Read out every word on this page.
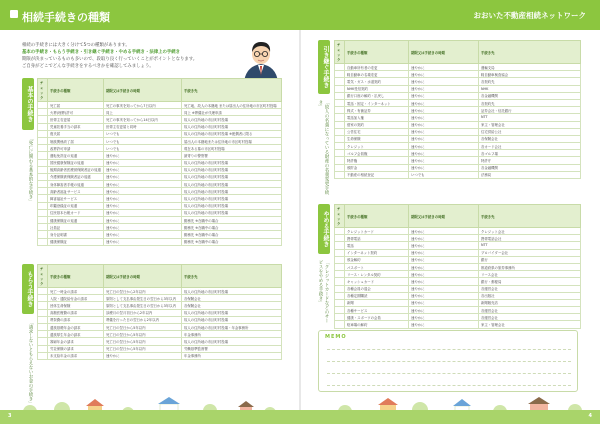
相続手続きの種類	おおいた不動産相続ネットワーク
相続の手続きには大きく分けて5つの種類があります。
基本の手続き・もらう手続き・引き継ぐ手続き・やめる手続き・法律上の手続き
期限が決まっているものも多いので、段取り良く行っていくことがポイントとなります。
ご自身がどこでどんな手続きをするべきかを確認してみましょう。
基本の手続き
「死亡に関わる基本的な手続き」
チェック	手続きの種類	期限又は手続きの時期	手続き先
	死亡届	死亡の事実を知ってから7日以内	死亡地、故人の本籍地 または届出人の住所地の市区町村役場
	火葬(埋葬)許可	同上	同上 ※葬儀社が代理申請
	世帯主変更届	死亡の事実を知ってから14日以内	故人の住所地の市区町村役場
	児童扶養手当の請求	世帯主変更届と同時	故人の住所地の市区町村役場
	復氏届	いつでも	故人の住所地の市区町村役場 ※配偶者に限る
	姻族関係終了届	いつでも	届出人の本籍地または住所地の市区町村役場
	改葬許可申請	いつでも	現在ある墓の市区町村役場
	運転免許証の返還	速やかに	最寄りの警察署
	国民健康保険証の返還	速やかに	故人の住所地の市区町村役場
	後期高齢者医療被保険者証の返還	速やかに	故人の住所地の市区町村役場
	介護保険被保険者証の返還	速やかに	故人の住所地の市区町村役場
	身体障害者手帳の返還	速やかに	故人の住所地の市区町村役場
	高齢者福祉サービス	速やかに	故人の住所地の市区町村役場
	障害福祉サービス	速やかに	故人の住所地の市区町村役場
	印鑑登録証の返還	速やかに	故人の住所地の市区町村役場
	住民基本台帳カード	速やかに	故人の住所地の市区町村役場
	健康保険証の返還	速やかに	勤務先 ※在職中の場合
	社員証	速やかに	勤務先 ※在職中の場合
	身分証明書	速やかに	勤務先 ※在職中の場合
	健康保険証	速やかに	勤務先 ※在職中の場合
もらう手続き
「請求しないともらえないお金の手続き」
チェック	手続きの種類	期限又は手続きの時期	手続き先
	死亡一時金の請求	死亡日の翌日から2年以内	故人の住所地の市区町村役場
	入院・通院給付金の請求	原則として支払事由発生日の翌日から3年以内	各保険会社
	団体生命保険	原則として支払事由発生日の翌日から3年以内	各保険会社
	高額医療費の請求	診療月の翌月初日から2年以内	故人の住所地の市区町村役場
	葬祭費の請求	葬儀を行った日の翌日から2年以内	故人の住所地の市区町村役場
	遺族基礎年金の請求	死亡日の翌日から5年以内	故人の住所地の市区町村役場・年金事務所
	遺族厚生年金の請求	死亡日の翌日から5年以内	年金事務所
	寡婦年金の請求	死亡日の翌日から5年以内	故人の住所地の市区町村役場
	労災保険の請求	死亡日の翌日から5年以内	労働基準監督署
	未支給年金の請求	速やかに	年金事務所
引き継ぐ手続き
「故人の名義になっている財産の名義変更手続き」
チェック	手続きの種類	期限又は手続きの時期	手続き先
	自動車所有者の変更	速やかに	運輸支局
	軽自動車の名義変更	速やかに	軽自動車検査協会
	電気・ガス・水道契約	速やかに	各契約先
	NHK受信契約	速やかに	NHK
	銀行口座の解約・払戻し	速やかに	各金融機関
	電話・固定・インターネット	速やかに	各契約先
	株式・有価証券	速やかに	証券会社・信託銀行
	電話加入権	速やかに	NTT
	借家の契約	速やかに	家主・管理会社
	公営住宅	速やかに	住宅供給公社
	生命保険	速やかに	各保険会社
	クレジット	速やかに	各カード会社
	ゴルフ会員権	速やかに	各ゴルフ場
	特許権	速やかに	特許庁
	預貯金	速やかに	各金融機関
	不動産の相続登記	いつでも	法務局
やめる手続き
「クレジットカードなどのサービスをやめる手続き」
チェック	手続きの種類	期限又は手続きの時期	手続き先
	クレジットカード	速やかに	クレジット会社
	携帯電話	速やかに	携帯電話会社
	電話	速やかに	NTT
	インターネット契約	速やかに	プロバイダー会社
	預金解約	速やかに	銀行
	パスポート	速やかに	都道府県の旅券事務所
	リース・レンタル契約	速やかに	リース会社
	キャッシュカード	速やかに	銀行・郵便局
	各種会員の退会	速やかに	各運営会社
	各種定期購読	速やかに	各出版社
	新聞	速やかに	新聞販売店
	各種サービス	速やかに	各運営会社
	健康・スポーツの会員	速やかに	各運営会社
	駐車場の解約	速やかに	家主・管理会社
MEMO
3	4
